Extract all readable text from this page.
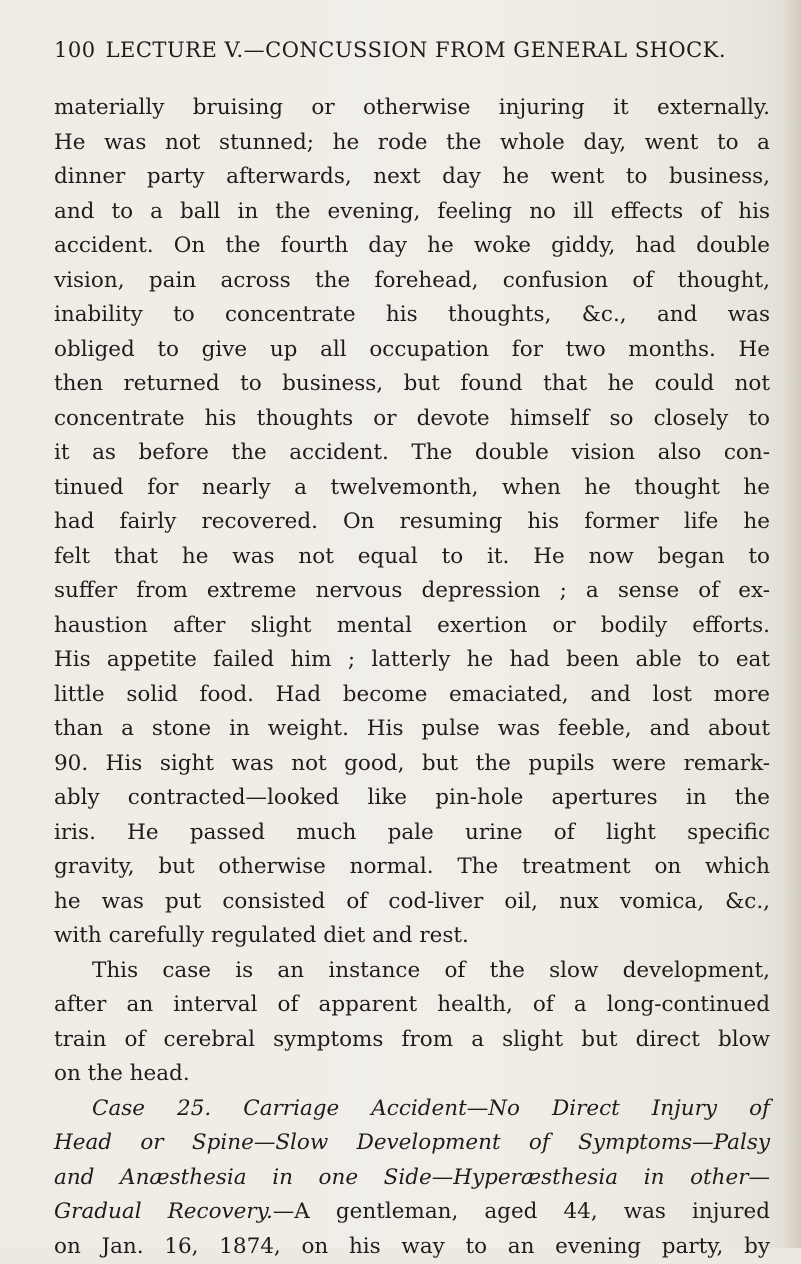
100 LECTURE V.—CONCUSSION FROM GENERAL SHOCK.
materially bruising or otherwise injuring it externally.
He was not stunned; he rode the whole day, went to a
dinner party afterwards, next day he went to business,
and to a ball in the evening, feeling no ill effects of his
accident. On the fourth day he woke giddy, had double
vision, pain across the forehead, confusion of thought,
inability to concentrate his thoughts, &c., and was
obliged to give up all occupation for two months. He
then returned to business, but found that he could not
concentrate his thoughts or devote himself so closely to
it as before the accident. The double vision also con-
tinued for nearly a twelvemonth, when he thought he
had fairly recovered. On resuming his former life he
felt that he was not equal to it. He now began to
suffer from extreme nervous depression ; a sense of ex-
haustion after slight mental exertion or bodily efforts.
His appetite failed him ; latterly he had been able to eat
little solid food. Had become emaciated, and lost more
than a stone in weight. His pulse was feeble, and about
90. His sight was not good, but the pupils were remark-
ably contracted—looked like pin-hole apertures in the
iris. He passed much pale urine of light specific
gravity, but otherwise normal. The treatment on which
he was put consisted of cod-liver oil, nux vomica, &c.,
with carefully regulated diet and rest.
This case is an instance of the slow development,
after an interval of apparent health, of a long-continued
train of cerebral symptoms from a slight but direct blow
on the head.
Case 25. Carriage Accident—No Direct Injury of
Head or Spine—Slow Development of Symptoms—Palsy
and Anæsthesia in one Side—Hyperæsthesia in other—
Gradual Recovery.—A gentleman, aged 44, was injured
on Jan. 16, 1874, on his way to an evening party, by
